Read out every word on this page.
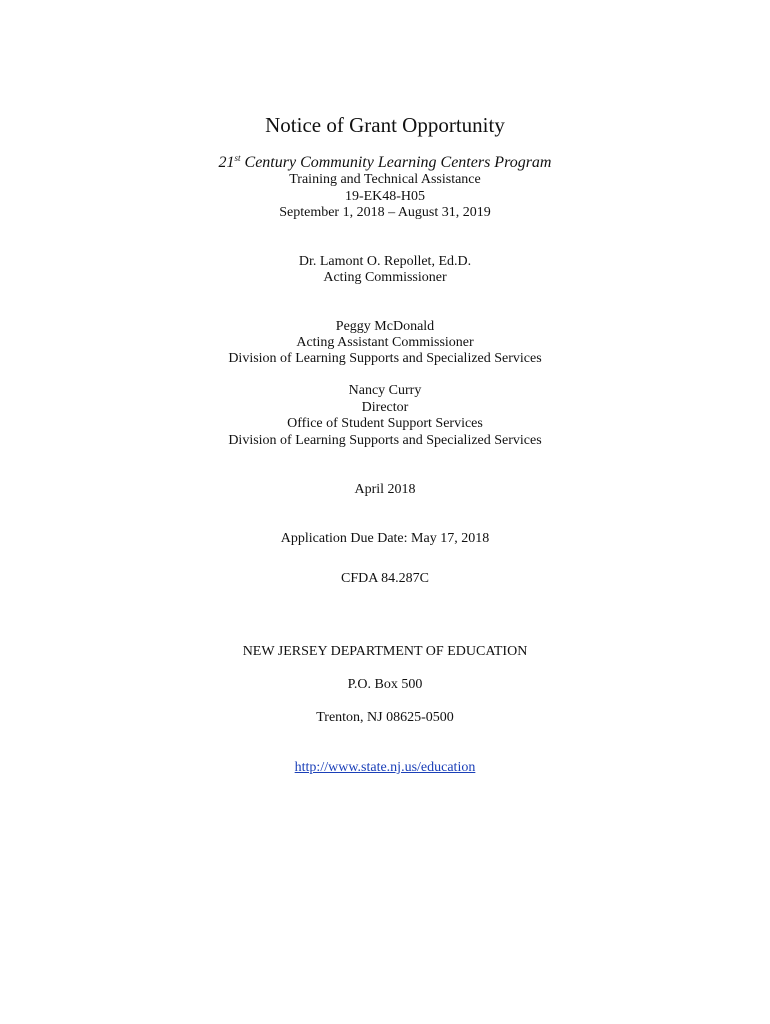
Notice of Grant Opportunity
21st Century Community Learning Centers Program
Training and Technical Assistance
19-EK48-H05
September 1, 2018 – August 31, 2019
Dr. Lamont O. Repollet, Ed.D.
Acting Commissioner
Peggy McDonald
Acting Assistant Commissioner
Division of Learning Supports and Specialized Services
Nancy Curry
Director
Office of Student Support Services
Division of Learning Supports and Specialized Services
April 2018
Application Due Date: May 17, 2018
CFDA 84.287C
NEW JERSEY DEPARTMENT OF EDUCATION
P.O. Box 500
Trenton, NJ 08625-0500
http://www.state.nj.us/education
